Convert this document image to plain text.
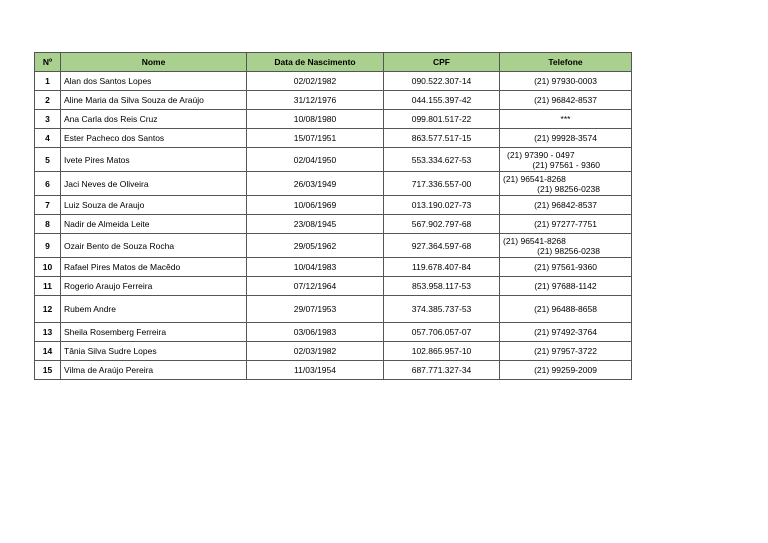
Nº	Nome	Data de Nascimento	CPF	Telefone
1	Alan dos Santos Lopes	02/02/1982	090.522.307-14	(21) 97930-0003
2	Aline Maria da Silva Souza de Araújo	31/12/1976	044.155.397-42	(21) 96842-8537
3	Ana Carla dos Reis Cruz	10/08/1980	099.801.517-22	***
4	Ester Pacheco dos Santos	15/07/1951	863.577.517-15	(21) 99928-3574
5	Ivete Pires Matos	02/04/1950	553.334.627-53	(21) 97390 - 0497
(21) 97561 - 9360

6	Jaci Neves de Oliveira	26/03/1949	717.336.557-00	(21) 96541-8268
(21) 98256-0238

7	Luiz Souza de Araujo	10/06/1969	013.190.027-73	(21) 96842-8537
8	Nadir de Almeida Leite	23/08/1945	567.902.797-68	(21) 97277-7751
9	Ozair Bento de Souza Rocha	29/05/1962	927.364.597-68	(21) 96541-8268
(21) 98256-0238

10	Rafael Pires Matos de Macêdo	10/04/1983	119.678.407-84	(21) 97561-9360
11	Rogerio Araujo Ferreira	07/12/1964	853.958.117-53	(21) 97688-1142
12	Rubem Andre	29/07/1953	374.385.737-53	(21) 96488-8658
13	Sheila Rosemberg Ferreira	03/06/1983	057.706.057-07	(21) 97492-3764
14	Tânia Silva Sudre Lopes	02/03/1982	102.865.957-10	(21) 97957-3722
15	Vilma de Araújo Pereira	11/03/1954	687.771.327-34	(21) 99259-2009
